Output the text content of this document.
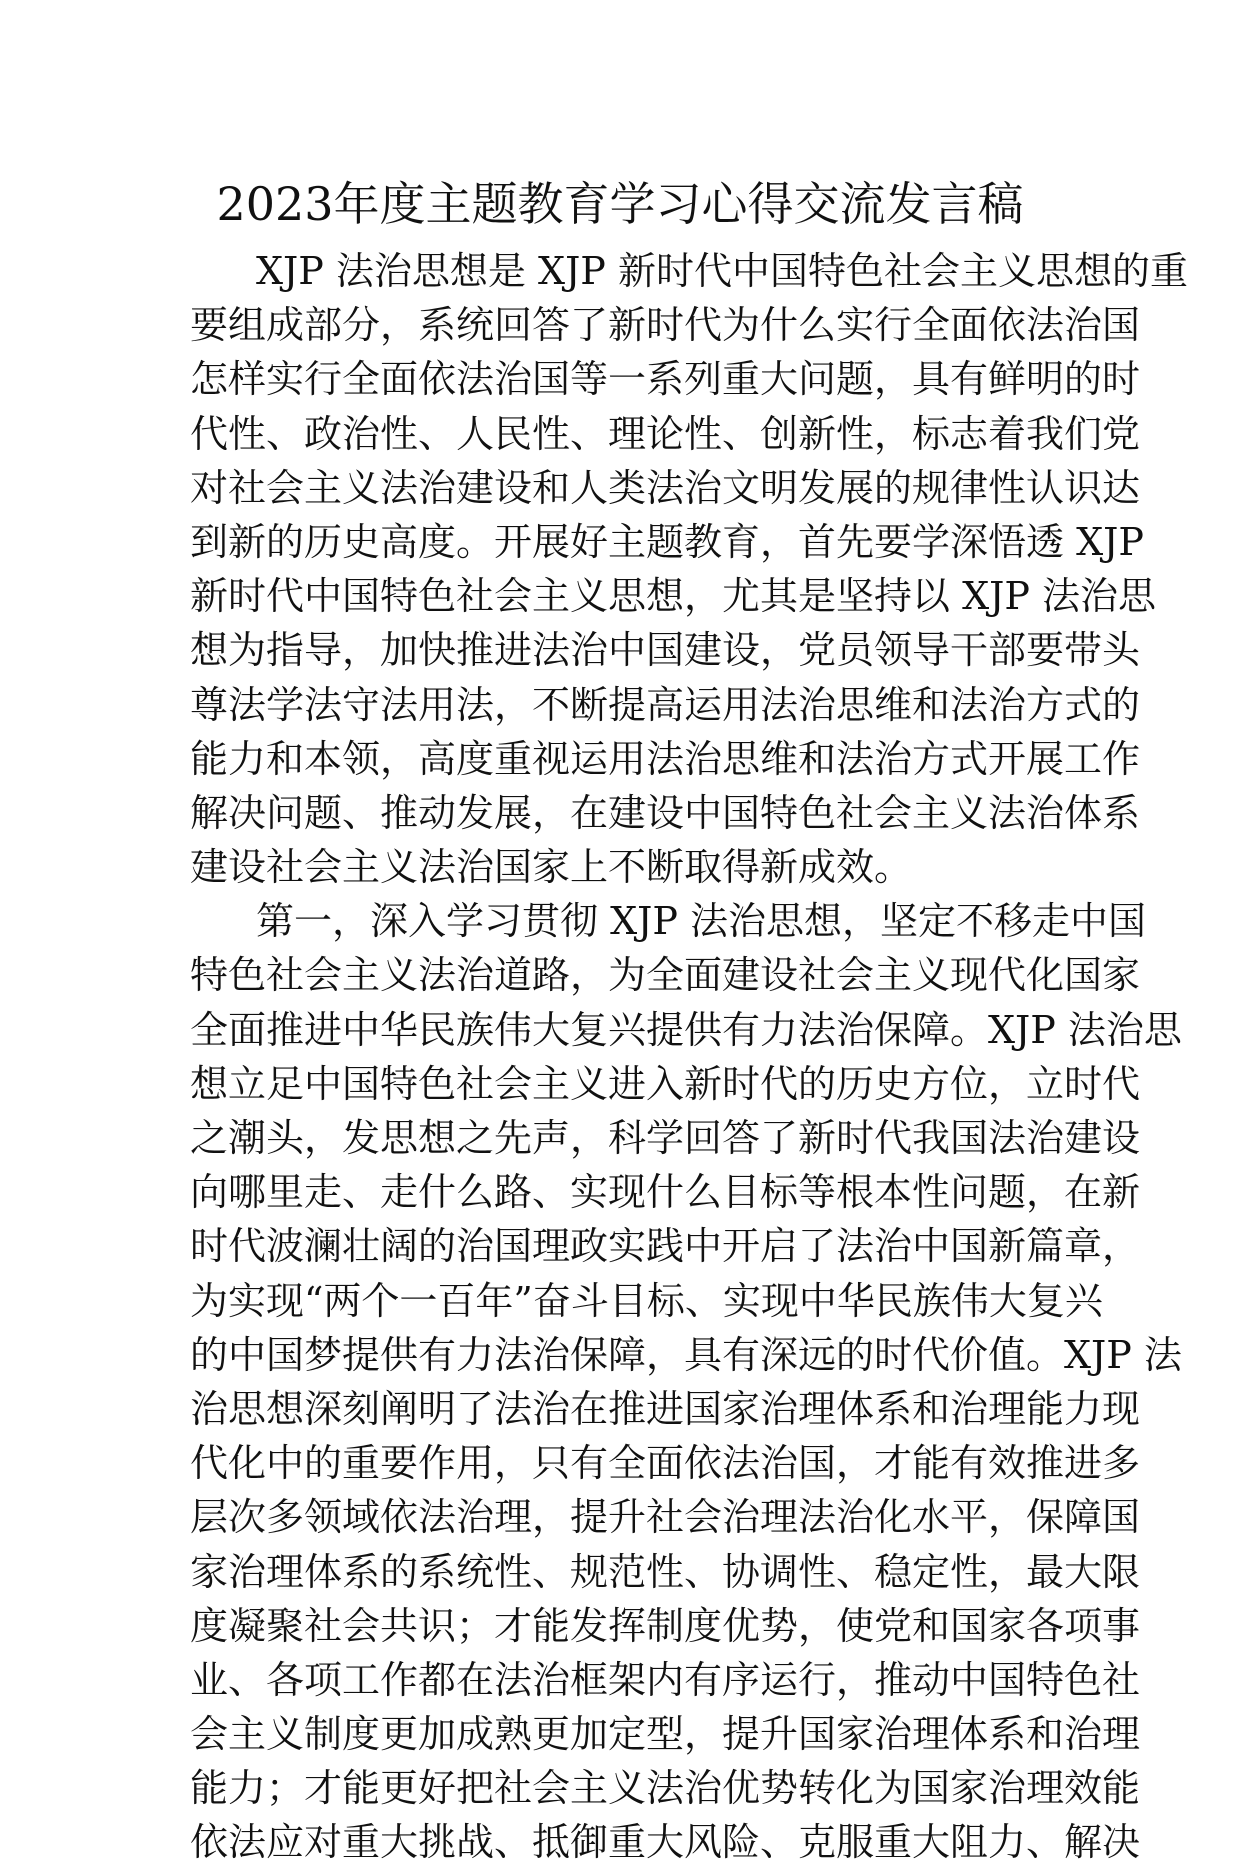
2023年度主题教育学习心得交流发言稿
XJP 法治思想是 XJP 新时代中国特色社会主义思想的重
要组成部分，系统回答了新时代为什么实行全面依法治国
怎样实行全面依法治国等一系列重大问题，具有鲜明的时
代性、政治性、人民性、理论性、创新性，标志着我们党
对社会主义法治建设和人类法治文明发展的规律性认识达
到新的历史高度。开展好主题教育，首先要学深悟透 XJP
新时代中国特色社会主义思想，尤其是坚持以 XJP 法治思
想为指导，加快推进法治中国建设，党员领导干部要带头
尊法学法守法用法，不断提高运用法治思维和法治方式的
能力和本领，高度重视运用法治思维和法治方式开展工作
解决问题、推动发展，在建设中国特色社会主义法治体系
建设社会主义法治国家上不断取得新成效。
第一，深入学习贯彻 XJP 法治思想，坚定不移走中国
特色社会主义法治道路，为全面建设社会主义现代化国家
全面推进中华民族伟大复兴提供有力法治保障。XJP 法治思
想立足中国特色社会主义进入新时代的历史方位，立时代
之潮头，发思想之先声，科学回答了新时代我国法治建设
向哪里走、走什么路、实现什么目标等根本性问题，在新
时代波澜壮阔的治国理政实践中开启了法治中国新篇章，
为实现“两个一百年”奋斗目标、实现中华民族伟大复兴
的中国梦提供有力法治保障，具有深远的时代价值。XJP 法
治思想深刻阐明了法治在推进国家治理体系和治理能力现
代化中的重要作用，只有全面依法治国，才能有效推进多
层次多领域依法治理，提升社会治理法治化水平，保障国
家治理体系的系统性、规范性、协调性、稳定性，最大限
度凝聚社会共识；才能发挥制度优势，使党和国家各项事
业、各项工作都在法治框架内有序运行，推动中国特色社
会主义制度更加成熟更加定型，提升国家治理体系和治理
能力；才能更好把社会主义法治优势转化为国家治理效能
依法应对重大挑战、抵御重大风险、克服重大阻力、解决
